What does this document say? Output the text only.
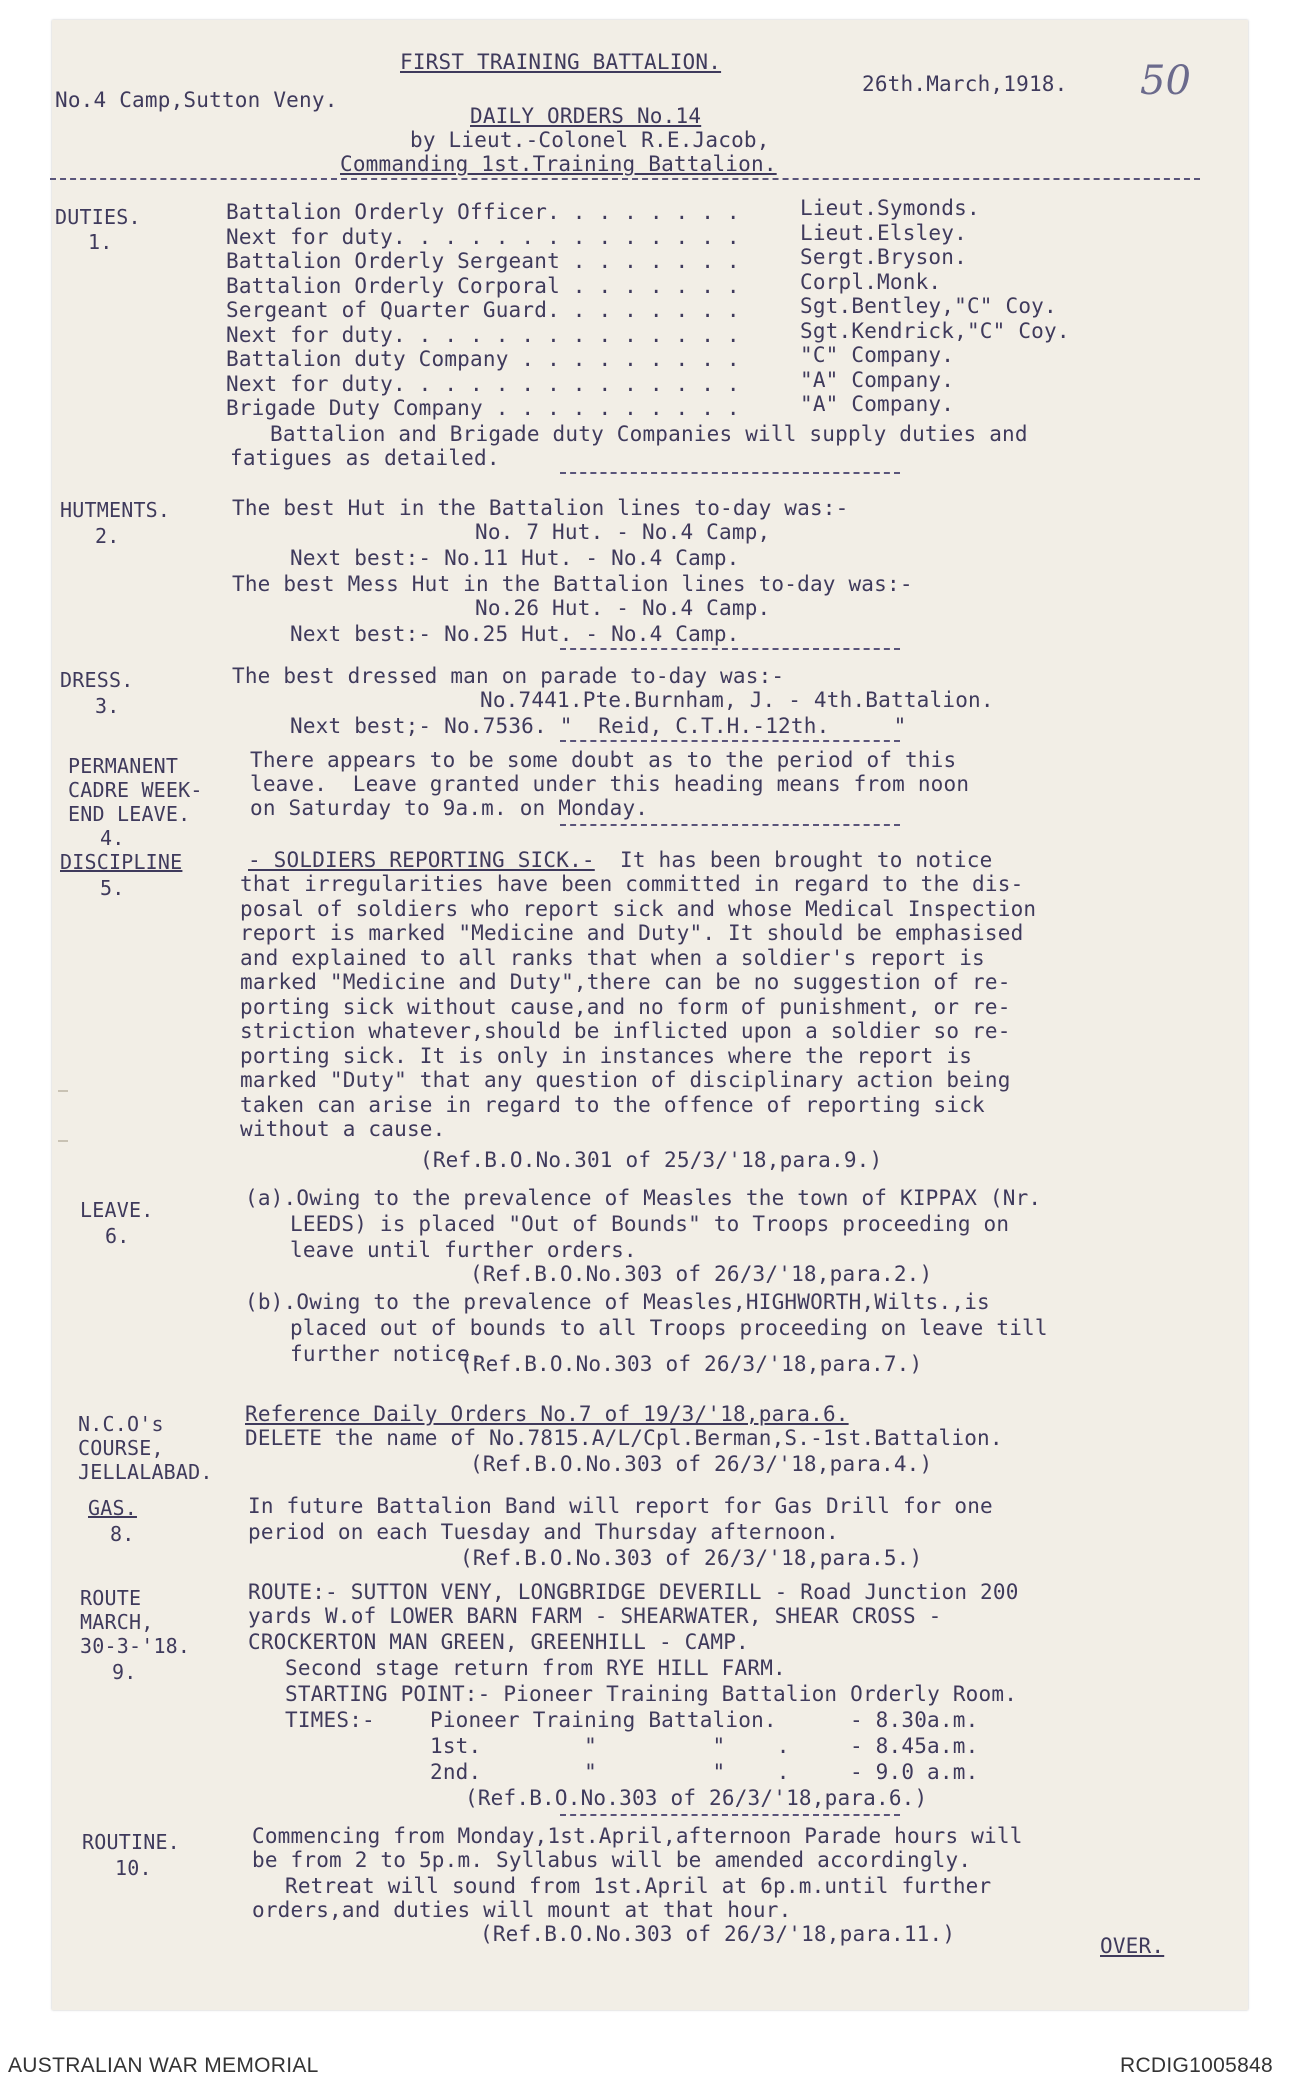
FIRST TRAINING BATTALION.
No.4 Camp,Sutton Veny.
26th.March,1918. 50
DAILY ORDERS No.14
by Lieut.-Colonel R.E.Jacob,
Commanding 1st.Training Battalion.
DUTIES.
1.
Battalion Orderly Officer. . . . . . . .	Lieut.Symonds.
Next for duty. . . . . . . . . . . . . .	Lieut.Elsley.
Battalion Orderly Sergeant . . . . . . .	Sergt.Bryson.
Battalion Orderly Corporal . . . . . . .	Corpl.Monk.
Sergeant of Quarter Guard. . . . . . . .	Sgt.Bentley,"C" Coy.
Next for duty. . . . . . . . . . . . . .	Sgt.Kendrick,"C" Coy.
Battalion duty Company . . . . . . . . .	"C" Company.
Next for duty. . . . . . . . . . . . . .	"A" Company.
Brigade Duty Company . . . . . . . . . .	"A" Company.
Battalion and Brigade duty Companies will supply duties and
fatigues as detailed.
HUTMENTS.
2.
The best Hut in the Battalion lines to-day was:-
No. 7 Hut. - No.4 Camp,
Next best:- No.11 Hut. - No.4 Camp.
The best Mess Hut in the Battalion lines to-day was:-
No.26 Hut. - No.4 Camp.
Next best:- No.25 Hut. - No.4 Camp.
DRESS.
3.
The best dressed man on parade to-day was:-
No.7441.Pte.Burnham, J. - 4th.Battalion.
Next best;- No.7536. "  Reid, C.T.H.-12th.     "
PERMANENT
CADRE WEEK-
END LEAVE.
4.
There appears to be some doubt as to the period of this
leave.  Leave granted under this heading means from noon
on Saturday to 9a.m. on Monday.
DISCIPLINE
5.
- SOLDIERS REPORTING SICK.- It has been brought to notice
that irregularities have been committed in regard to the dis-
posal of soldiers who report sick and whose Medical Inspection
report is marked "Medicine and Duty". It should be emphasised
and explained to all ranks that when a soldier's report is
marked "Medicine and Duty",there can be no suggestion of re-
porting sick without cause,and no form of punishment, or re-
striction whatever,should be inflicted upon a soldier so re-
porting sick. It is only in instances where the report is
marked "Duty" that any question of disciplinary action being
taken can arise in regard to the offence of reporting sick
without a cause.
(Ref.B.O.No.301 of 25/3/'18,para.9.)
LEAVE.
6.
(a).Owing to the prevalence of Measles the town of KIPPAX (Nr.
LEEDS) is placed "Out of Bounds" to Troops proceeding on
leave until further orders.
(Ref.B.O.No.303 of 26/3/'18,para.2.)
(b).Owing to the prevalence of Measles,HIGHWORTH,Wilts.,is
placed out of bounds to all Troops proceeding on leave till
further notice.
(Ref.B.O.No.303 of 26/3/'18,para.7.)
N.C.O's
COURSE,
JELLALABAD.
Reference Daily Orders No.7 of 19/3/'18,para.6.
DELETE the name of No.7815.A/L/Cpl.Berman,S.-1st.Battalion.
(Ref.B.O.No.303 of 26/3/'18,para.4.)
GAS.
8.
In future Battalion Band will report for Gas Drill for one
period on each Tuesday and Thursday afternoon.
(Ref.B.O.No.303 of 26/3/'18,para.5.)
ROUTE
MARCH,
30-3-'18.
9.
ROUTE:- SUTTON VENY, LONGBRIDGE DEVERILL - Road Junction 200
yards W.of LOWER BARN FARM - SHEARWATER, SHEAR CROSS -
CROCKERTON MAN GREEN, GREENHILL - CAMP.
Second stage return from RYE HILL FARM.
STARTING POINT:- Pioneer Training Battalion Orderly Room.
TIMES:-	Pioneer Training Battalion.	- 8.30a.m.
1st.        "         "    .	- 8.45a.m.
2nd.        "         "    .	- 9.0 a.m.
(Ref.B.O.No.303 of 26/3/'18,para.6.)
ROUTINE.
10.
Commencing from Monday,1st.April,afternoon Parade hours will
be from 2 to 5p.m. Syllabus will be amended accordingly.
Retreat will sound from 1st.April at 6p.m.until further
orders,and duties will mount at that hour.
(Ref.B.O.No.303 of 26/3/'18,para.11.)	OVER.
AUSTRALIAN WAR MEMORIAL	RCDIG1005848
